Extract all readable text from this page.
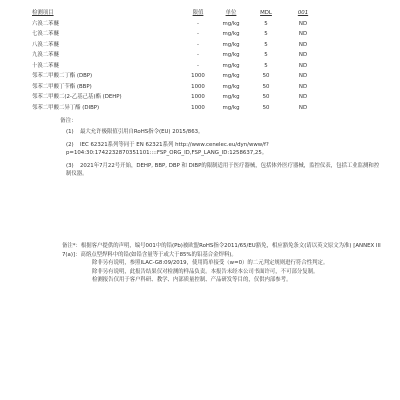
检测项目	限值	单位	MDL	001
六溴二苯醚	-	mg/kg	5	ND
七溴二苯醚	-	mg/kg	5	ND
八溴二苯醚	-	mg/kg	5	ND
九溴二苯醚	-	mg/kg	5	ND
十溴二苯醚	-	mg/kg	5	ND
邻苯二甲酸二丁酯 (DBP)	1000	mg/kg	50	ND
邻苯二甲酸丁苄酯 (BBP)	1000	mg/kg	50	ND
邻苯二甲酸二(2-乙基己基)酯 (DEHP)	1000	mg/kg	50	ND
邻苯二甲酸二异丁酯 (DIBP)	1000	mg/kg	50	ND
备注：
(1) 最大允许极限值引用自RoHS指令(EU) 2015/863。
(2) IEC 62321系列等同于 EN 62321系列 http://www.cenelec.eu/dyn/www/f?p=104:30:1742232870351101::::FSP_ORG_ID,FSP_LANG_ID:1258637,25。
(3) 2021年7月22号开始，DEHP, BBP, DBP 和 DIBP的限制适用于医疗器械，包括体外医疗器械，监控仪表，包括工业监测和控制仪器。

备注*：根据客户提供的声明，编号001中的铅(Pb)被欧盟RoHS指令2011/65/EU豁免，相应豁免条文(请以英文原文为准) [ANNEX III 7(a)]：高熔点型焊料中的铅(如铅含量等于或大于85%的铅基合金焊料)。

除非另有说明，参照ILAC-G8:09/2019，使用简单接受（w=0）的二元判定规则进行符合性判定。

除非另有说明，此报告结果仅对检测的样品负责。本报告未经本公司书面许可，不可部分复制。

检测报告仅用于客户科研、教学、内部质量控制、产品研发等目的，仅供内部参考。
